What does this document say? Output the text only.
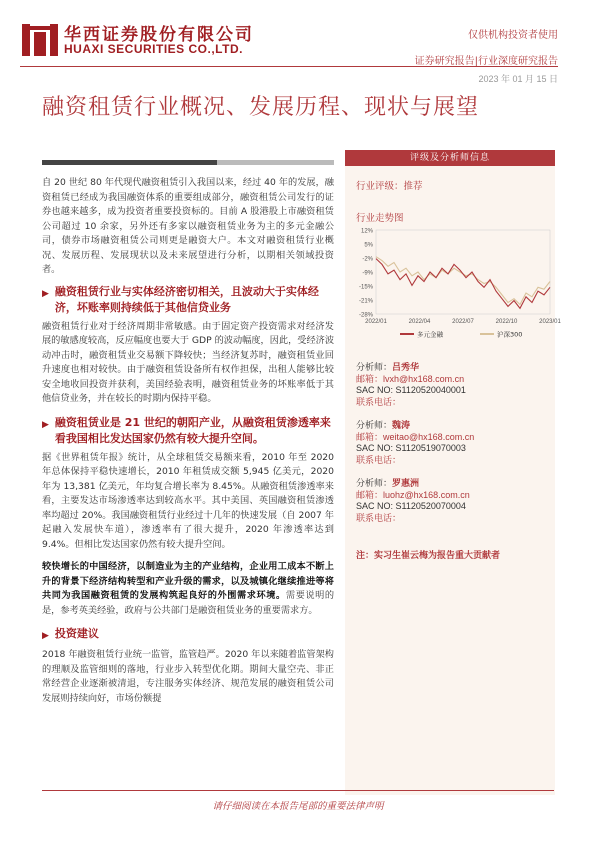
华西证券股份有限公司
HUAXI SECURITIES CO.,LTD.
仅供机构投资者使用
证券研究报告|行业深度研究报告
2023 年 01 月 15 日
融资租赁行业概况、发展历程、现状与展望

自 20 世纪 80 年代现代融资租赁引入我国以来，经过 40 年的发展，融资租赁已经成为我国融资体系的重要组成部分，融资租赁公司发行的证券也越来越多，成为投资者重要投资标的。目前 A 股港股上市融资租赁公司超过 10 余家，另外还有多家以融资租赁业务为主的多元金融公司，债券市场融资租赁公司则更是融资大户。本文对融资租赁行业概况、发展历程、发展现状以及未来展望进行分析，以期相关领域投资者。

▶ 融资租赁行业与实体经济密切相关，且波动大于实体经济，坏账率则持续低于其他信贷业务

融资租赁行业对于经济周期非常敏感。由于固定资产投资需求对经济发展的敏感度较高，反应幅度也要大于 GDP 的波动幅度，因此，受经济波动冲击时，融资租赁业交易额下降较快；当经济复苏时，融资租赁业回升速度也相对较快。由于融资租赁设备所有权作担保，出租人能够比较安全地收回投资并获利，美国经验表明，融资租赁业务的坏账率低于其他信贷业务，并在较长的时期内保持平稳。

▶ 融资租赁业是 21 世纪的朝阳产业，从融资租赁渗透率来看我国相比发达国家仍然有较大提升空间。

据《世界租赁年报》统计，从全球租赁交易额来看，2010 年至 2020 年总体保持平稳快速增长，2010 年租赁成交额 5,945 亿美元，2020 年为 13,381 亿美元，年均复合增长率为 8.45%。从融资租赁渗透率来看，主要发达市场渗透率达到较高水平。其中美国、英国融资租赁渗透率均超过 20%。我国融资租赁行业经过十几年的快速发展（自 2007 年起融入发展快车道），渗透率有了很大提升，2020 年渗透率达到 9.4%。但相比发达国家仍然有较大提升空间。

较快增长的中国经济，以制造业为主的产业结构，企业用工成本不断上升的背景下经济结构转型和产业升级的需求，以及城镇化继续推进等将共同为我国融资租赁的发展构筑起良好的外围需求环境。需要说明的是，参考英美经验，政府与公共部门是融资租赁业务的重要需求方。

▶ 投资建议

2018 年融资租赁行业统一监管，监管趋严。2020 年以来随着监管架构的理顺及监管细则的落地，行业步入转型优化期。期间大量空壳、非正常经营企业逐渐被清退，专注服务实体经济、规范发展的融资租赁公司发展则持续向好，市场份额提

评级及分析师信息
行业评级：推荐
行业走势图
12%
5%
-2%
-9%
-15%
-21%
-28%
2022/01	2022/04	2022/07	2022/10	2023/01
多元金融	沪深300
分析师：吕秀华
邮箱：lvxh@hx168.com.cn
SAC NO: S1120520040001
联系电话：
分析师：魏涛
邮箱：weitao@hx168.com.cn
SAC NO: S1120519070003
联系电话：
分析师：罗惠洲
邮箱：luohz@hx168.com.cn
SAC NO: S1120520070004
联系电话：
注：实习生崔云梅为报告重大贡献者
请仔细阅读在本报告尾部的重要法律声明
